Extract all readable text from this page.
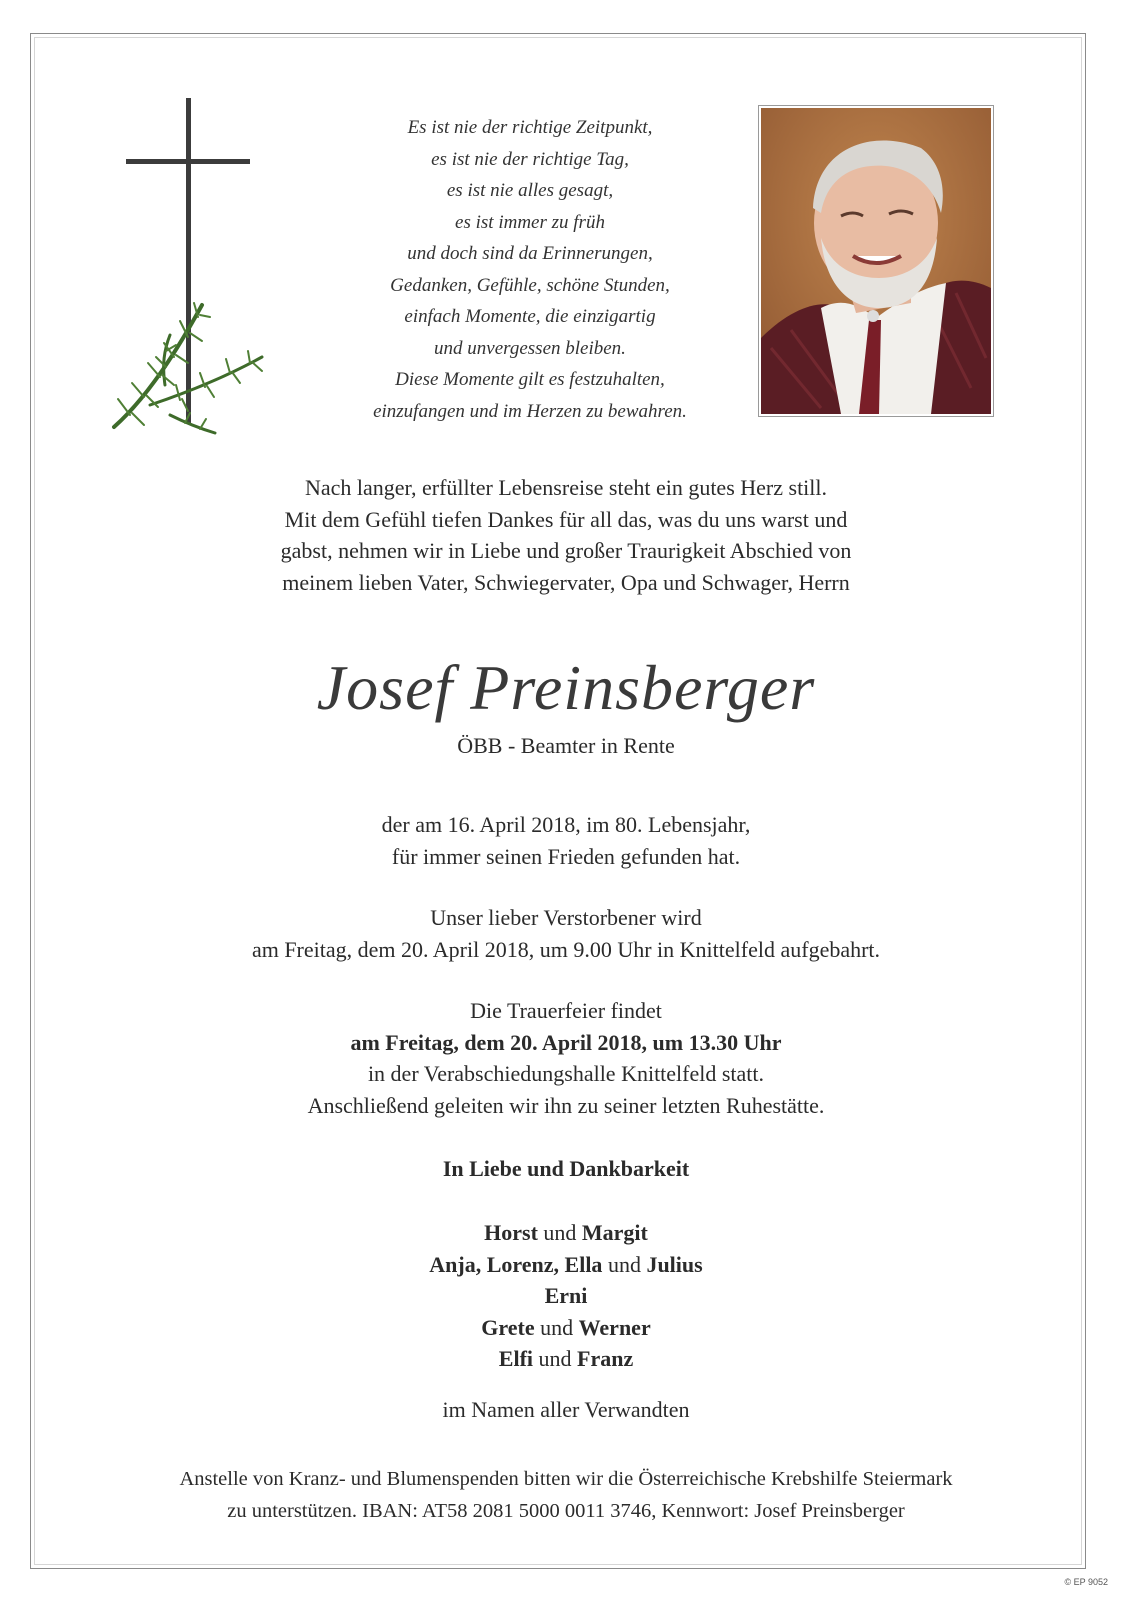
Es ist nie der richtige Zeitpunkt,
es ist nie der richtige Tag,
es ist nie alles gesagt,
es ist immer zu früh
und doch sind da Erinnerungen,
Gedanken, Gefühle, schöne Stunden,
einfach Momente, die einzigartig
und unvergessen bleiben.
Diese Momente gilt es festzuhalten,
einzufangen und im Herzen zu bewahren.
Nach langer, erfüllter Lebensreise steht ein gutes Herz still.
Mit dem Gefühl tiefen Dankes für all das, was du uns warst und
gabst, nehmen wir in Liebe und großer Traurigkeit Abschied von
meinem lieben Vater, Schwiegervater, Opa und Schwager, Herrn
Josef Preinsberger
ÖBB - Beamter in Rente
der am 16. April 2018, im 80. Lebensjahr,
für immer seinen Frieden gefunden hat.
Unser lieber Verstorbener wird
am Freitag, dem 20. April 2018, um 9.00 Uhr in Knittelfeld aufgebahrt.
Die Trauerfeier findet
am Freitag, dem 20. April 2018, um 13.30 Uhr
in der Verabschiedungshalle Knittelfeld statt.
Anschließend geleiten wir ihn zu seiner letzten Ruhestätte.
In Liebe und Dankbarkeit
Horst und Margit
Anja, Lorenz, Ella und Julius
Erni
Grete und Werner
Elfi und Franz
im Namen aller Verwandten
Anstelle von Kranz- und Blumenspenden bitten wir die Österreichische Krebshilfe Steiermark
zu unterstützen. IBAN: AT58 2081 5000 0011 3746, Kennwort: Josef Preinsberger
© EP 9052
